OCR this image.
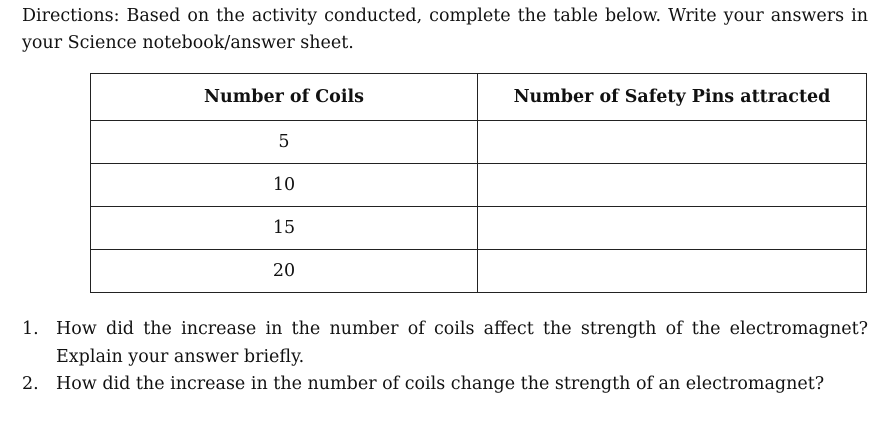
Directions: Based on the activity conducted, complete the table below. Write your answers in your Science notebook/answer sheet.

Number of Coils	Number of Safety Pins attracted
5	
10	
15	
20	
1. How did the increase in the number of coils affect the strength of the electromagnet? Explain your answer briefly.
2. How did the increase in the number of coils change the strength of an electromagnet?
